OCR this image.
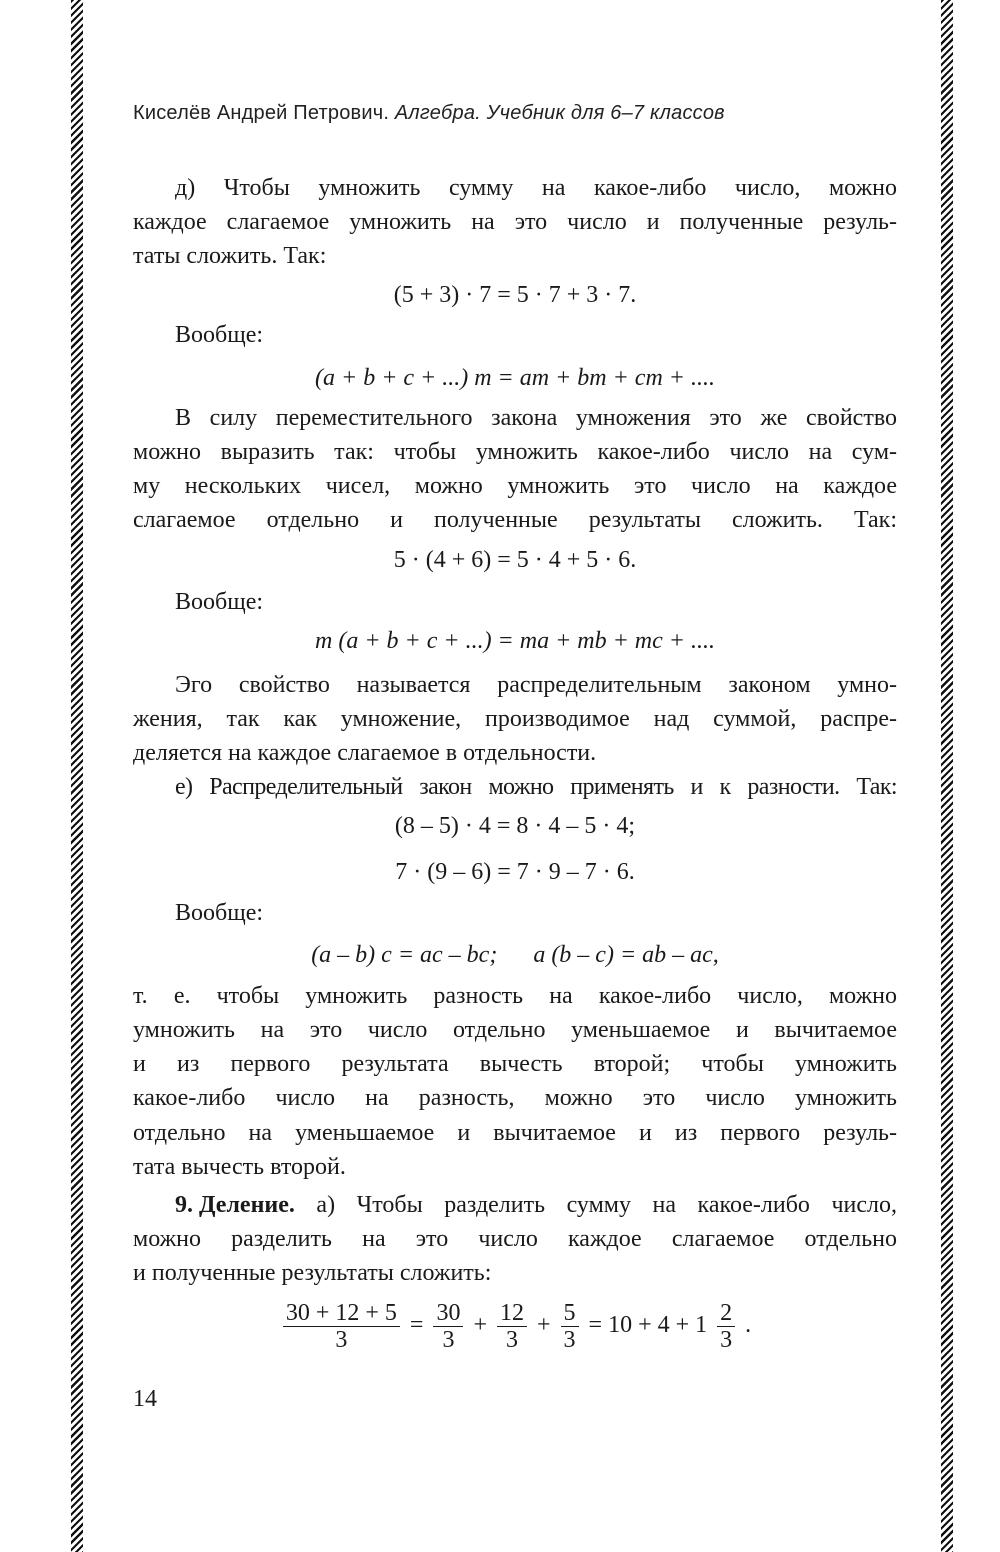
Киселёв Андрей Петрович. Алгебра. Учебник для 6–7 классов
д) Чтобы умножить сумму на какое-либо число, можно
каждое слагаемое умножить на это число и полученные резуль-
таты сложить. Так:
(5 + 3) · 7 = 5 · 7 + 3 · 7.
Вообще:
(a + b + c + ...) т = am + bm + cm + ....
В силу переместительного закона умножения это же свойство
можно выразить так: чтобы умножить какое-либо число на сум-
му нескольких чисел, можно умножить это число на каждое
слагаемое отдельно и полученные результаты сложить. Так:
5 · (4 + 6) = 5 · 4 + 5 · 6.
Вообще:
m (a + b + c + ...) = ma + mb + mc + ....
Эго свойство называется распределительным законом умно-
жения, так как умножение, производимое над суммой, распре-
деляется на каждое слагаемое в отдельности.
е) Распределительный закон можно применять и к разности. Так:
(8 – 5) · 4 = 8 · 4 – 5 · 4;
7 · (9 – 6) = 7 · 9 – 7 · 6.
Вообще:
(a – b) c = ac – bc;      a (b – c) = ab – ac,
т. е. чтобы умножить разность на какое-либо число, можно
умножить на это число отдельно уменьшаемое и вычитаемое
и из первого результата вычесть второй; чтобы умножить
какое-либо число на разность, можно это число умножить
отдельно на уменьшаемое и вычитаемое и из первого резуль-
тата вычесть второй.
9. Деление. а) Чтобы разделить сумму на какое-либо число,
можно разделить на это число каждое слагаемое отдельно
и полученные результаты сложить:
$\frac{30 + 12 + 5}{3} = \frac{30}{3} + \frac{12}{3} + \frac{5}{3} = 10 + 4 + 1 \frac{2}{3}$ .
14
